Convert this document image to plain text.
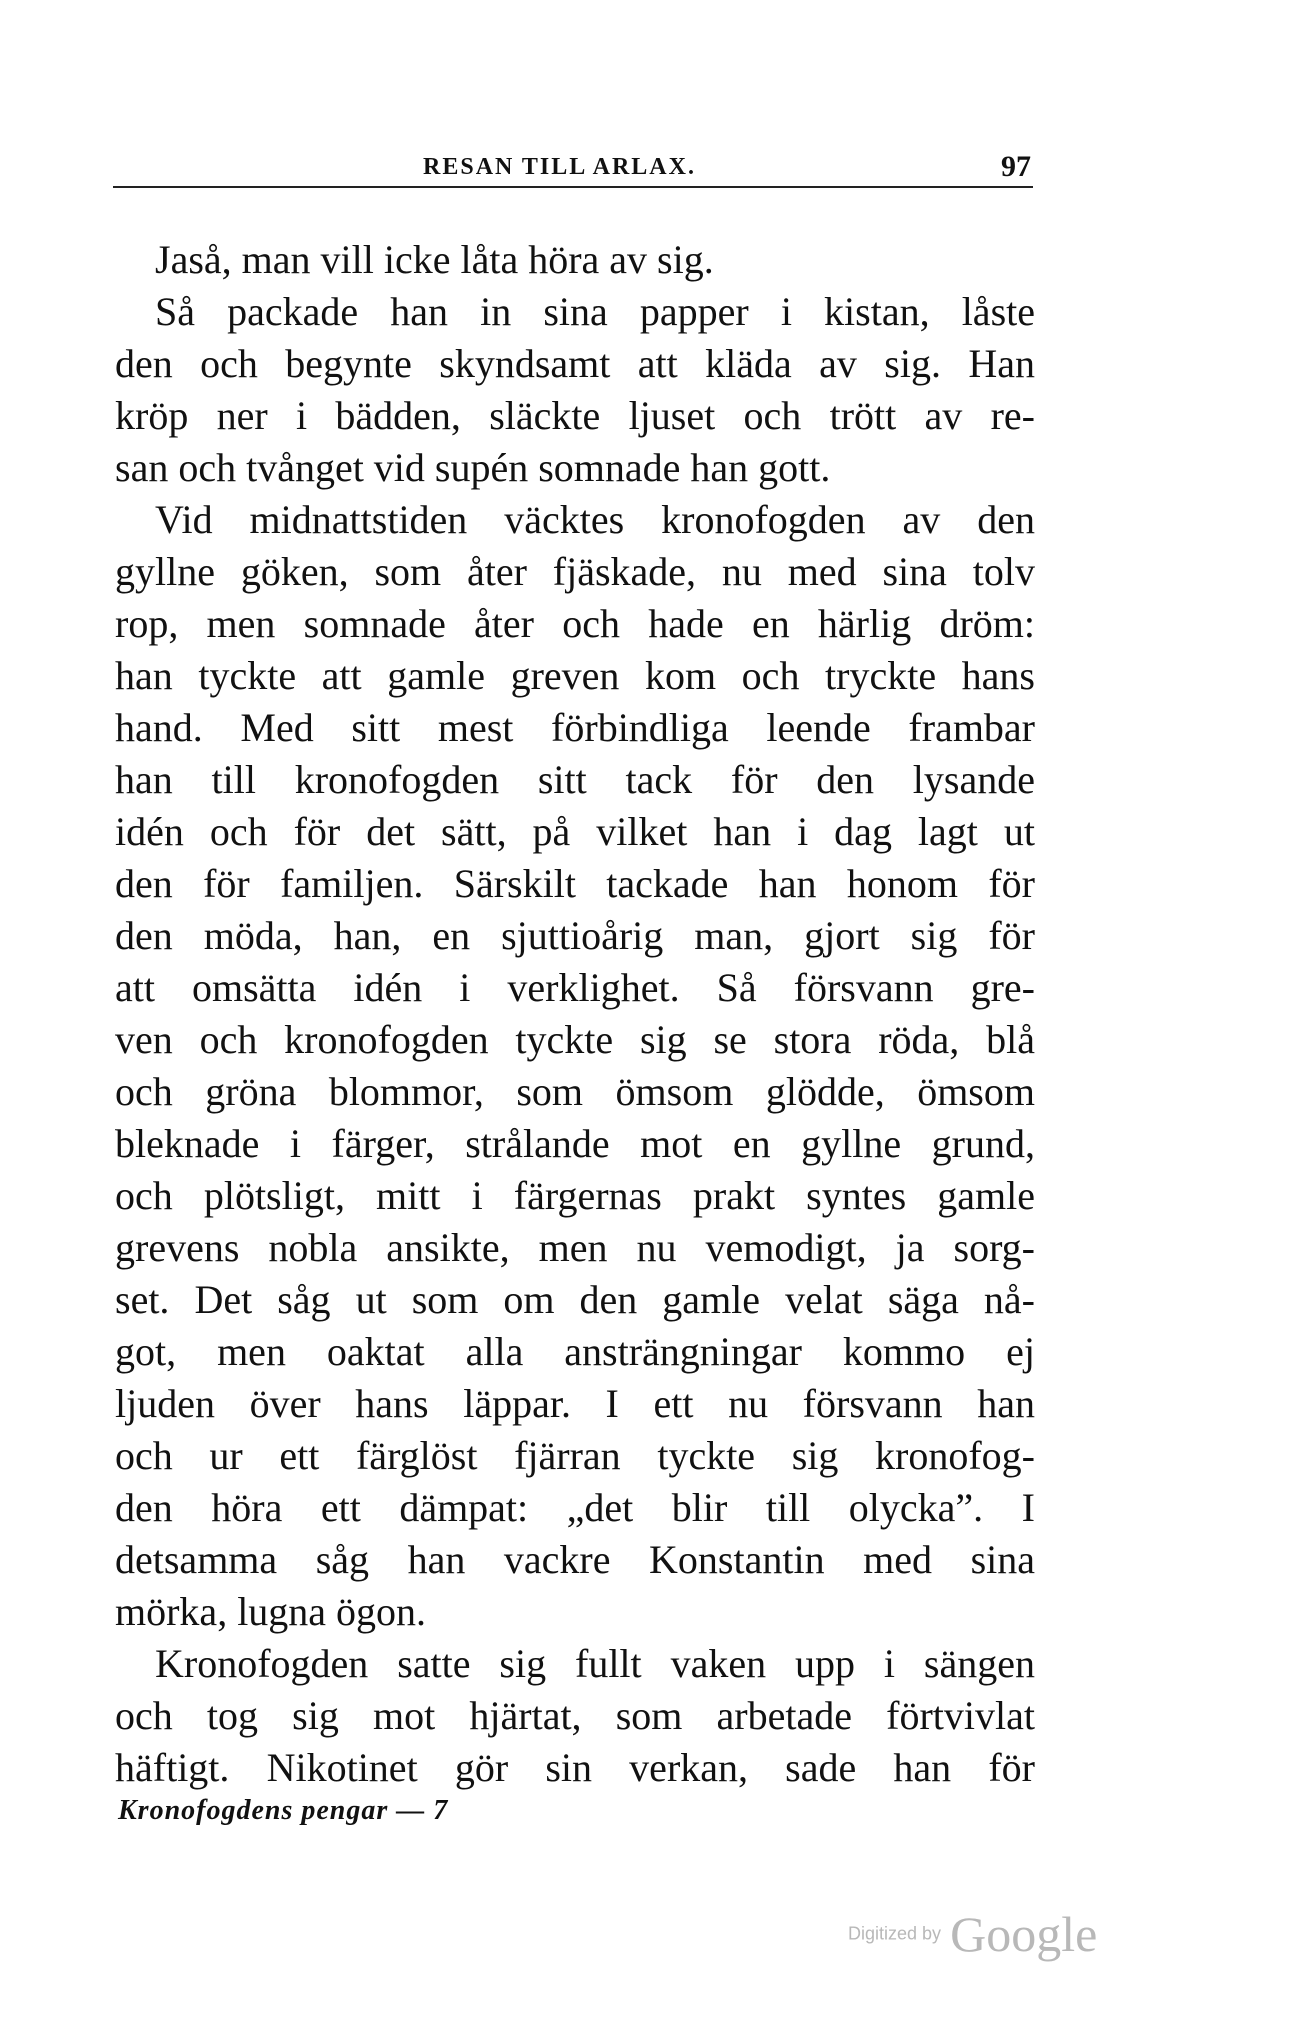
RESAN TILL ARLAX.	97
Jaså, man vill icke låta höra av sig.
Så packade han in sina papper i kistan, låste
den och begynte skyndsamt att kläda av sig. Han
kröp ner i bädden, släckte ljuset och trött av re-
san och tvånget vid supén somnade han gott.
Vid midnattstiden väcktes kronofogden av den
gyllne göken, som åter fjäskade, nu med sina tolv
rop, men somnade åter och hade en härlig dröm:
han tyckte att gamle greven kom och tryckte hans
hand. Med sitt mest förbindliga leende frambar
han till kronofogden sitt tack för den lysande
idén och för det sätt, på vilket han i dag lagt ut
den för familjen. Särskilt tackade han honom för
den möda, han, en sjuttioårig man, gjort sig för
att omsätta idén i verklighet. Så försvann gre-
ven och kronofogden tyckte sig se stora röda, blå
och gröna blommor, som ömsom glödde, ömsom
bleknade i färger, strålande mot en gyllne grund,
och plötsligt, mitt i färgernas prakt syntes gamle
grevens nobla ansikte, men nu vemodigt, ja sorg-
set. Det såg ut som om den gamle velat säga nå-
got, men oaktat alla ansträngningar kommo ej
ljuden över hans läppar. I ett nu försvann han
och ur ett färglöst fjärran tyckte sig kronofog-
den höra ett dämpat: „det blir till olycka”. I
detsamma såg han vackre Konstantin med sina
mörka, lugna ögon.
Kronofogden satte sig fullt vaken upp i sängen
och tog sig mot hjärtat, som arbetade förtvivlat
häftigt. Nikotinet gör sin verkan, sade han för
Kronofogdens pengar — 7
Digitized by Google
